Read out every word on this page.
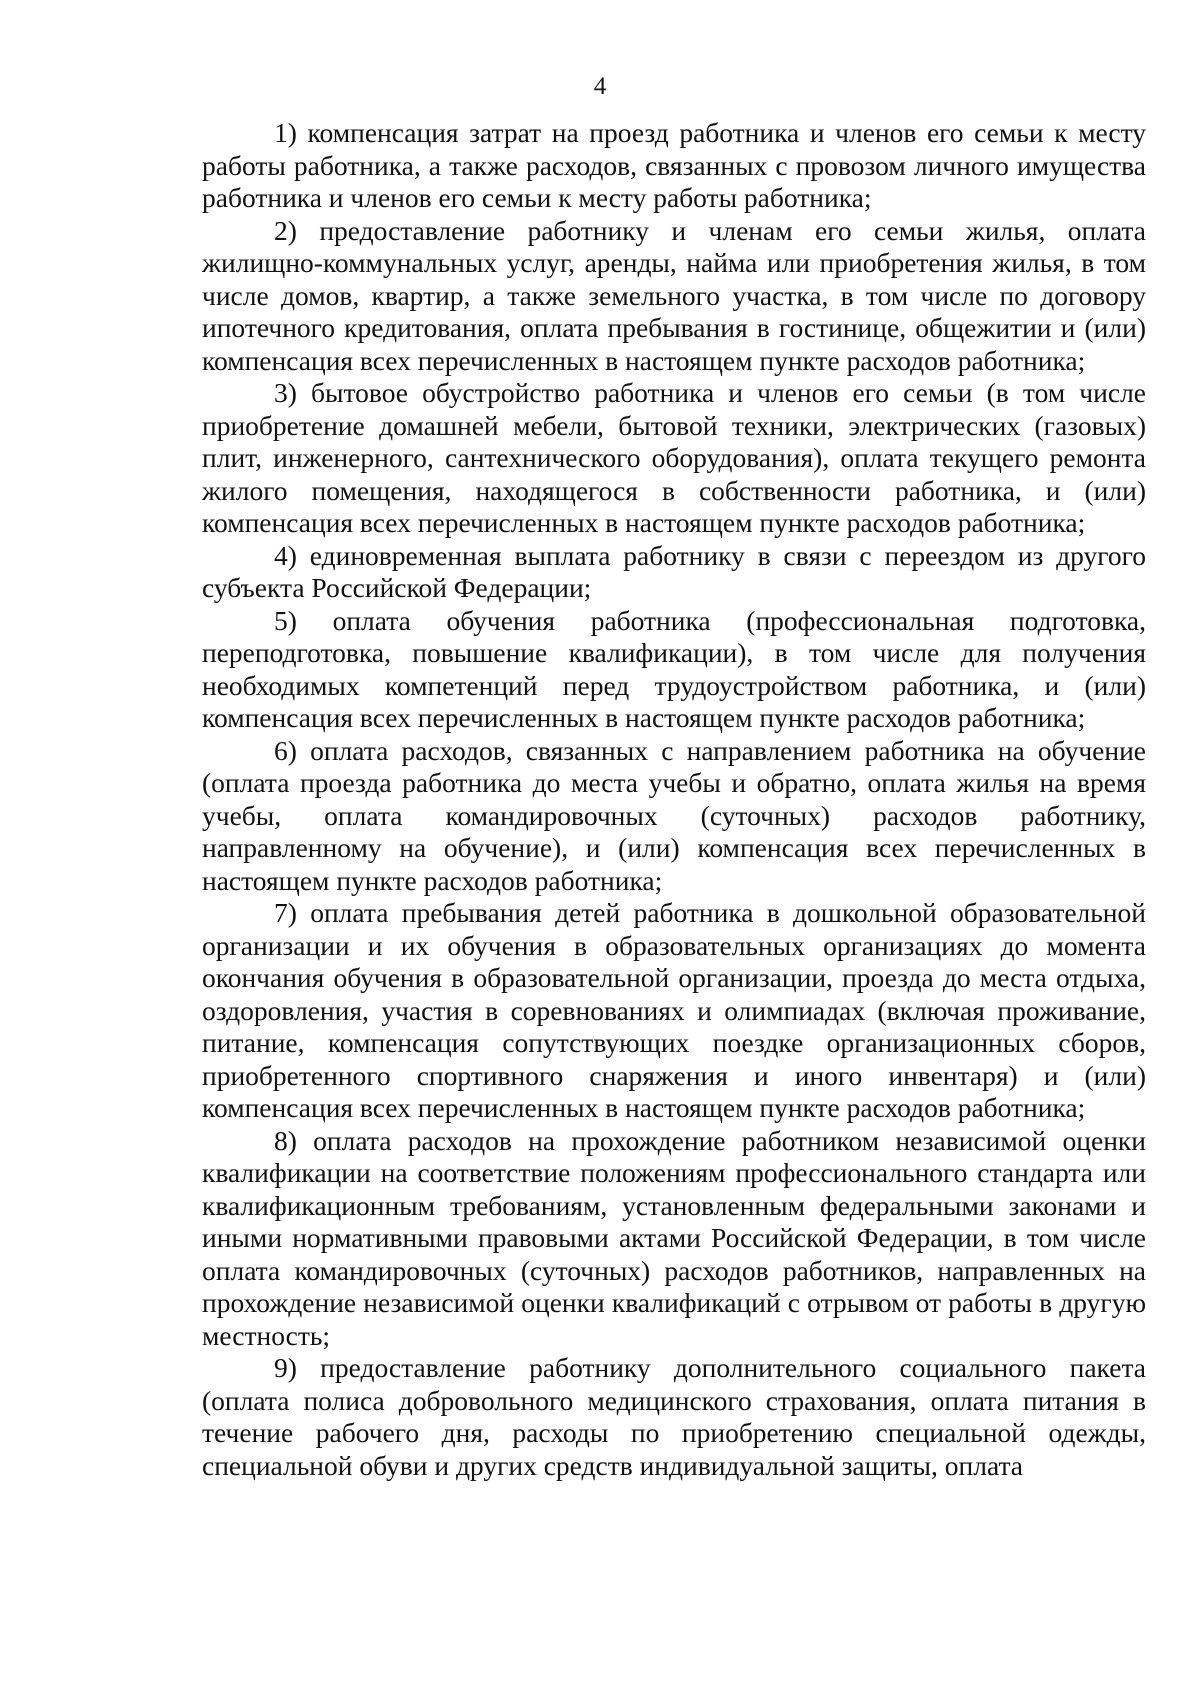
4

1) компенсация затрат на проезд работника и членов его семьи к месту работы работника, а также расходов, связанных с провозом личного имущества работника и членов его семьи к месту работы работника;

2) предоставление работнику и членам его семьи жилья, оплата жилищно-коммунальных услуг, аренды, найма или приобретения жилья, в том числе домов, квартир, а также земельного участка, в том числе по договору ипотечного кредитования, оплата пребывания в гостинице, общежитии и (или) компенсация всех перечисленных в настоящем пункте расходов работника;

3) бытовое обустройство работника и членов его семьи (в том числе приобретение домашней мебели, бытовой техники, электрических (газовых) плит, инженерного, сантехнического оборудования), оплата текущего ремонта жилого помещения, находящегося в собственности работника, и (или) компенсация всех перечисленных в настоящем пункте расходов работника;

4) единовременная выплата работнику в связи с переездом из другого субъекта Российской Федерации;

5) оплата обучения работника (профессиональная подготовка, переподготовка, повышение квалификации), в том числе для получения необходимых компетенций перед трудоустройством работника, и (или) компенсация всех перечисленных в настоящем пункте расходов работника;

6) оплата расходов, связанных с направлением работника на обучение (оплата проезда работника до места учебы и обратно, оплата жилья на время учебы, оплата командировочных (суточных) расходов работнику, направленному на обучение), и (или) компенсация всех перечисленных в настоящем пункте расходов работника;

7) оплата пребывания детей работника в дошкольной образовательной организации и их обучения в образовательных организациях до момента окончания обучения в образовательной организации, проезда до места отдыха, оздоровления, участия в соревнованиях и олимпиадах (включая проживание, питание, компенсация сопутствующих поездке организационных сборов, приобретенного спортивного снаряжения и иного инвентаря) и (или) компенсация всех перечисленных в настоящем пункте расходов работника;

8) оплата расходов на прохождение работником независимой оценки квалификации на соответствие положениям профессионального стандарта или квалификационным требованиям, установленным федеральными законами и иными нормативными правовыми актами Российской Федерации, в том числе оплата командировочных (суточных) расходов работников, направленных на прохождение независимой оценки квалификаций с отрывом от работы в другую местность;

9) предоставление работнику дополнительного социального пакета (оплата полиса добровольного медицинского страхования, оплата питания в течение рабочего дня, расходы по приобретению специальной одежды, специальной обуви и других средств индивидуальной защиты, оплата
